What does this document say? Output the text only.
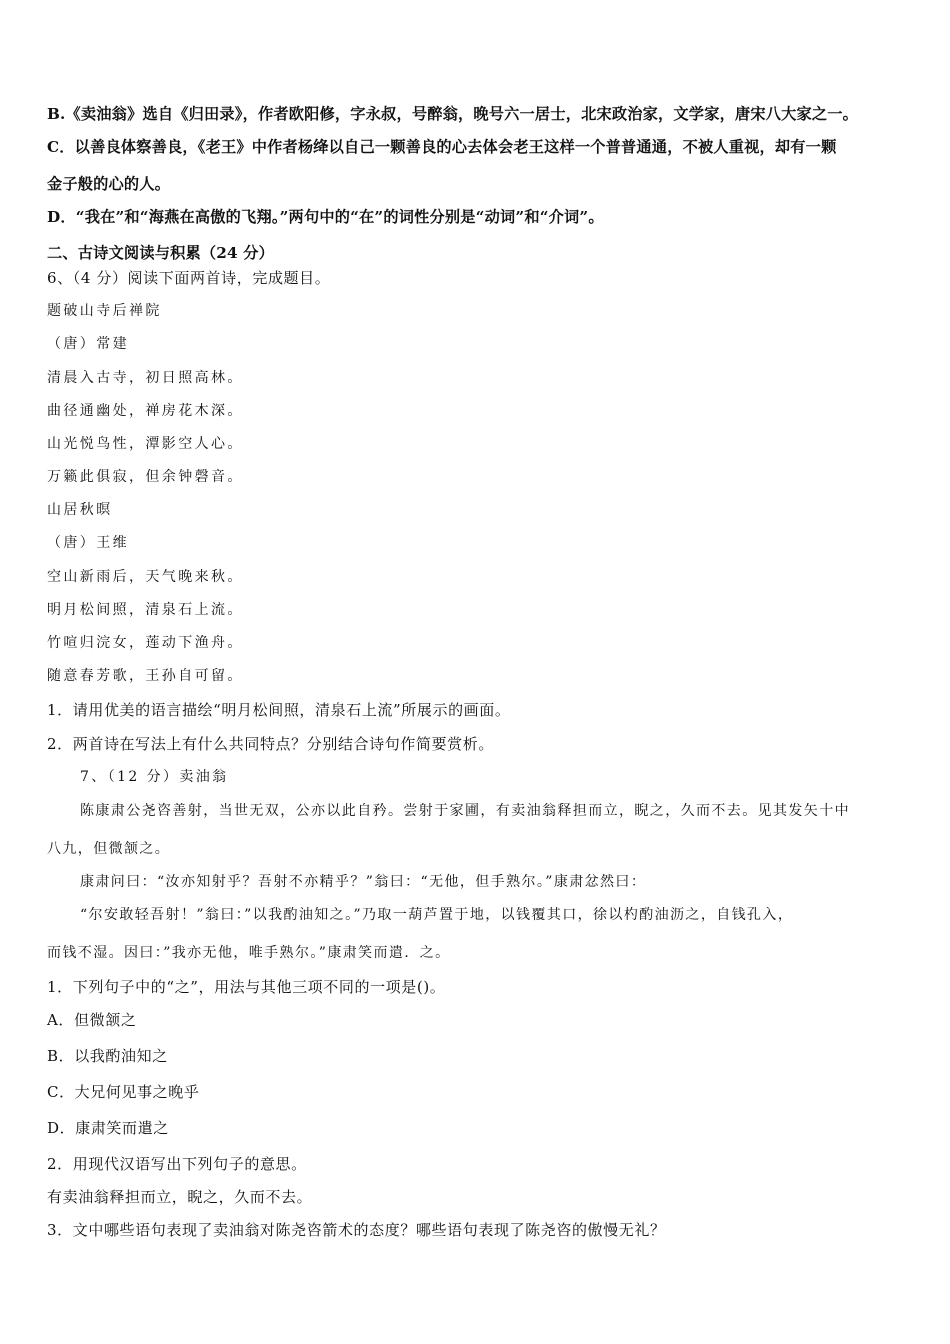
B.《卖油翁》选自《归田录》，作者欧阳修，字永叔，号醉翁，晚号六一居士，北宋政治家，文学家，唐宋八大家之一。
C．以善良体察善良，《老王》中作者杨绛以自己一颗善良的心去体会老王这样一个普普通通，不被人重视，却有一颗
金子般的心的人。
D．“我在”和“海燕在高傲的飞翔。”两句中的“在”的词性分别是“动词”和“介词”。
二、古诗文阅读与积累（24 分）
6、（4 分）阅读下面两首诗，完成题目。
题破山寺后禅院
（唐）常建
清晨入古寺，初日照高林。
曲径通幽处，禅房花木深。
山光悦鸟性，潭影空人心。
万籁此俱寂，但余钟磬音。
山居秋暝
（唐）王维
空山新雨后，天气晚来秋。
明月松间照，清泉石上流。
竹喧归浣女，莲动下渔舟。
随意春芳歌，王孙自可留。
1．请用优美的语言描绘“明月松间照，清泉石上流”所展示的画面。
2．两首诗在写法上有什么共同特点？分别结合诗句作简要赏析。
7、（12 分）卖油翁
陈康肃公尧咨善射，当世无双，公亦以此自矜。尝射于家圃，有卖油翁释担而立，睨之，久而不去。见其发矢十中
八九，但微颔之。
康肃问曰：“汝亦知射乎？吾射不亦精乎？”翁曰：“无他，但手熟尔。”康肃忿然曰：
“尔安敢轻吾射！”翁曰：”以我酌油知之。”乃取一葫芦置于地，以钱覆其口，徐以杓酌油沥之，自钱孔入，
而钱不湿。因曰：”我亦无他，唯手熟尔。”康肃笑而遣．之。
1．下列句子中的“之”，用法与其他三项不同的一项是()。
A．但微颔之
B．以我酌油知之
C．大兄何见事之晚乎
D．康肃笑而遣之
2．用现代汉语写出下列句子的意思。
有卖油翁释担而立，睨之，久而不去。
3．文中哪些语句表现了卖油翁对陈尧咨箭术的态度？哪些语句表现了陈尧咨的傲慢无礼？
